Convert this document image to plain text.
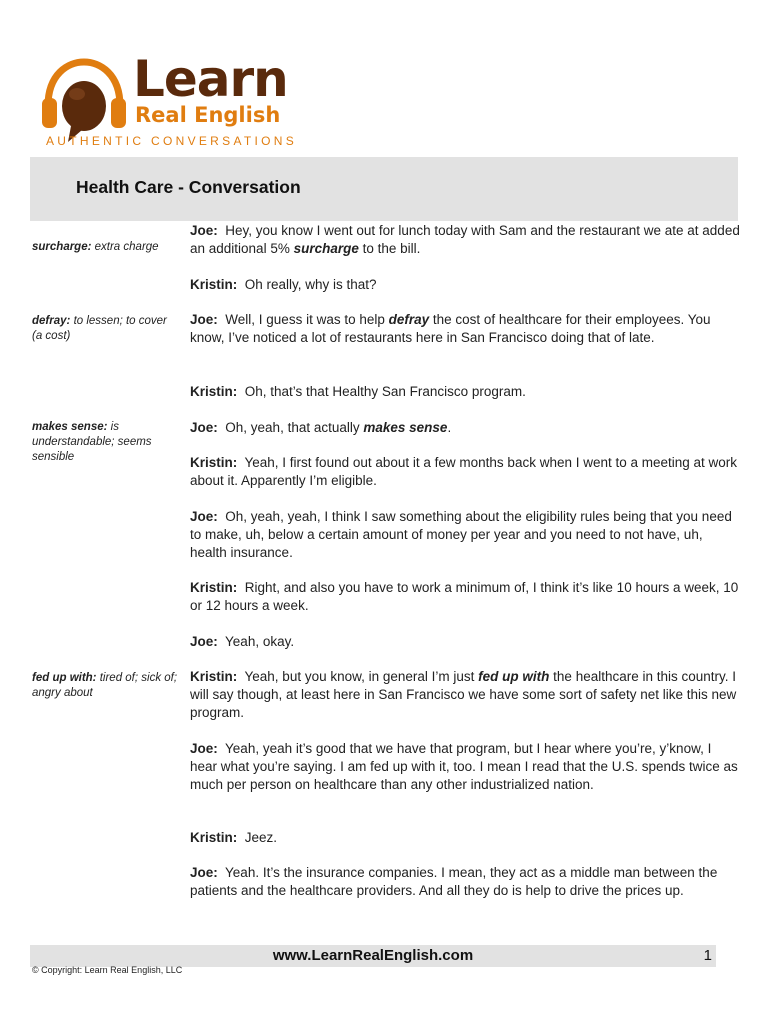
Learn
Real English
AUTHENTIC CONVERSATIONS
Health Care - Conversation
surcharge: extra charge
defray: to lessen; to cover (a cost)
makes sense: is understandable; seems sensible
fed up with: tired of; sick of; angry about
Joe: Hey, you know I went out for lunch today with Sam and the restaurant we ate at added an additional 5% surcharge to the bill.
Kristin: Oh really, why is that?
Joe: Well, I guess it was to help defray the cost of healthcare for their employees. You know, I’ve noticed a lot of restaurants here in San Francisco doing that of late.
Kristin: Oh, that’s that Healthy San Francisco program.
Joe: Oh, yeah, that actually makes sense.
Kristin: Yeah, I first found out about it a few months back when I went to a meeting at work about it. Apparently I’m eligible.
Joe: Oh, yeah, yeah, I think I saw something about the eligibility rules being that you need to make, uh, below a certain amount of money per year and you need to not have, uh, health insurance.
Kristin: Right, and also you have to work a minimum of, I think it’s like 10 hours a week, 10 or 12 hours a week.
Joe: Yeah, okay.
Kristin: Yeah, but you know, in general I’m just fed up with the healthcare in this country. I will say though, at least here in San Francisco we have some sort of safety net like this new program.
Joe: Yeah, yeah it’s good that we have that program, but I hear where you’re, y’know, I hear what you’re saying. I am fed up with it, too. I mean I read that the U.S. spends twice as much per person on healthcare than any other industrialized nation.
Kristin: Jeez.
Joe: Yeah. It’s the insurance companies. I mean, they act as a middle man between the patients and the healthcare providers. And all they do is help to drive the prices up.
www.LearnRealEnglish.com	1
© Copyright: Learn Real English, LLC
